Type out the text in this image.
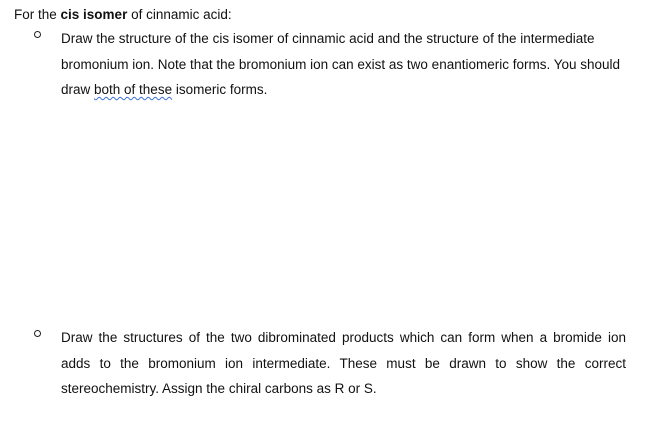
For the cis isomer of cinnamic acid:

Draw the structure of the cis isomer of cinnamic acid and the structure of the intermediate bromonium ion. Note that the bromonium ion can exist as two enantiomeric forms. You should draw both of these isomeric forms.

Draw the structures of the two dibrominated products which can form when a bromide ion adds to the bromonium ion intermediate. These must be drawn to show the correct stereochemistry. Assign the chiral carbons as R or S.
